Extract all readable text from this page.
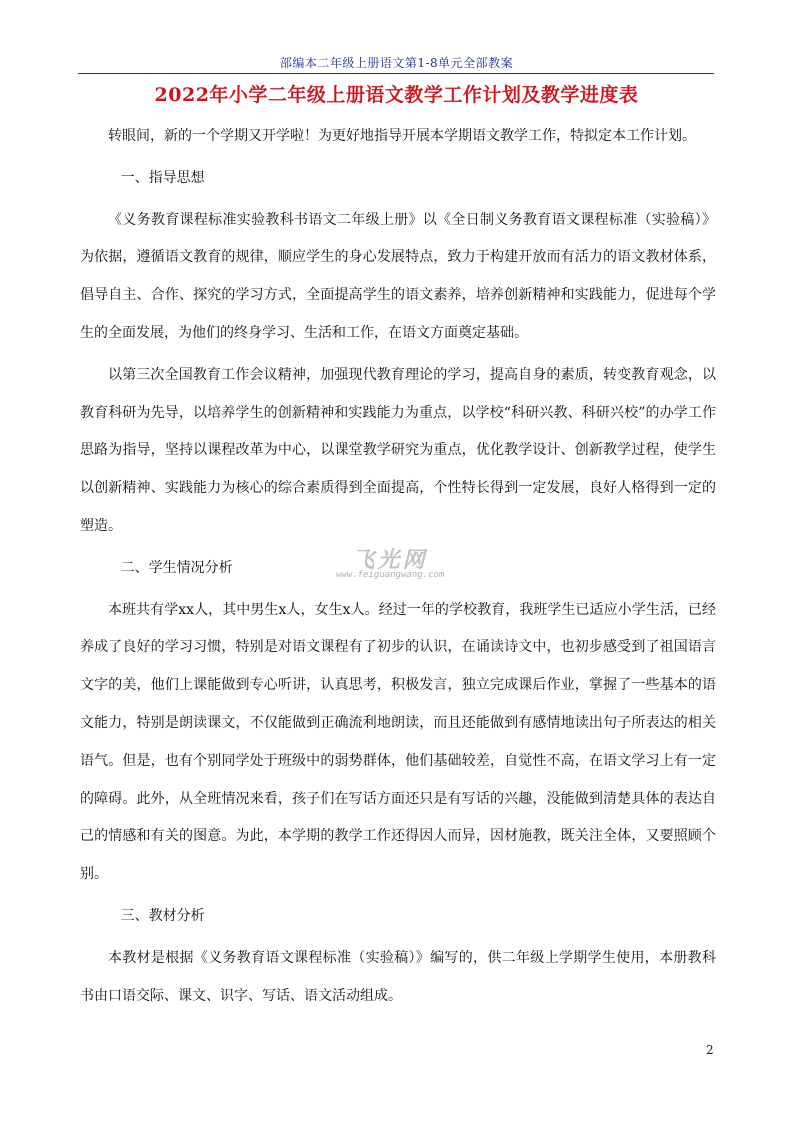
部编本二年级上册语文第1-8单元全部教案
2022年小学二年级上册语文教学工作计划及教学进度表

转眼间，新的一个学期又开学啦！为更好地指导开展本学期语文教学工作，特拟定本工作计划。

一、指导思想

《义务教育课程标准实验教科书语文二年级上册》以《全日制义务教育语文课程标准（实验稿）》为依据，遵循语文教育的规律，顺应学生的身心发展特点，致力于构建开放而有活力的语文教材体系，倡导自主、合作、探究的学习方式，全面提高学生的语文素养，培养创新精神和实践能力，促进每个学生的全面发展，为他们的终身学习、生活和工作，在语文方面奠定基础。

以第三次全国教育工作会议精神，加强现代教育理论的学习，提高自身的素质，转变教育观念，以教育科研为先导，以培养学生的创新精神和实践能力为重点，以学校“科研兴教、科研兴校”的办学工作思路为指导，坚持以课程改革为中心，以课堂教学研究为重点，优化教学设计、创新教学过程，使学生以创新精神、实践能力为核心的综合素质得到全面提高，个性特长得到一定发展，良好人格得到一定的塑造。

二、学生情况分析

本班共有学xx人，其中男生x人，女生x人。经过一年的学校教育，我班学生已适应小学生活，已经养成了良好的学习习惯，特别是对语文课程有了初步的认识，在诵读诗文中，也初步感受到了祖国语言文字的美，他们上课能做到专心听讲，认真思考，积极发言，独立完成课后作业，掌握了一些基本的语文能力，特别是朗读课文，不仅能做到正确流利地朗读，而且还能做到有感情地读出句子所表达的相关语气。但是，也有个别同学处于班级中的弱势群体，他们基础较差，自觉性不高，在语文学习上有一定的障碍。此外，从全班情况来看，孩子们在写话方面还只是有写话的兴趣，没能做到清楚具体的表达自己的情感和有关的图意。为此，本学期的教学工作还得因人而异，因材施教，既关注全体，又要照顾个别。

三、教材分析

本教材是根据《义务教育语文课程标准（实验稿）》编写的，供二年级上学期学生使用，本册教科书由口语交际、课文、识字、写话、语文活动组成。

飞光网
www.feiguangwang.com
2
